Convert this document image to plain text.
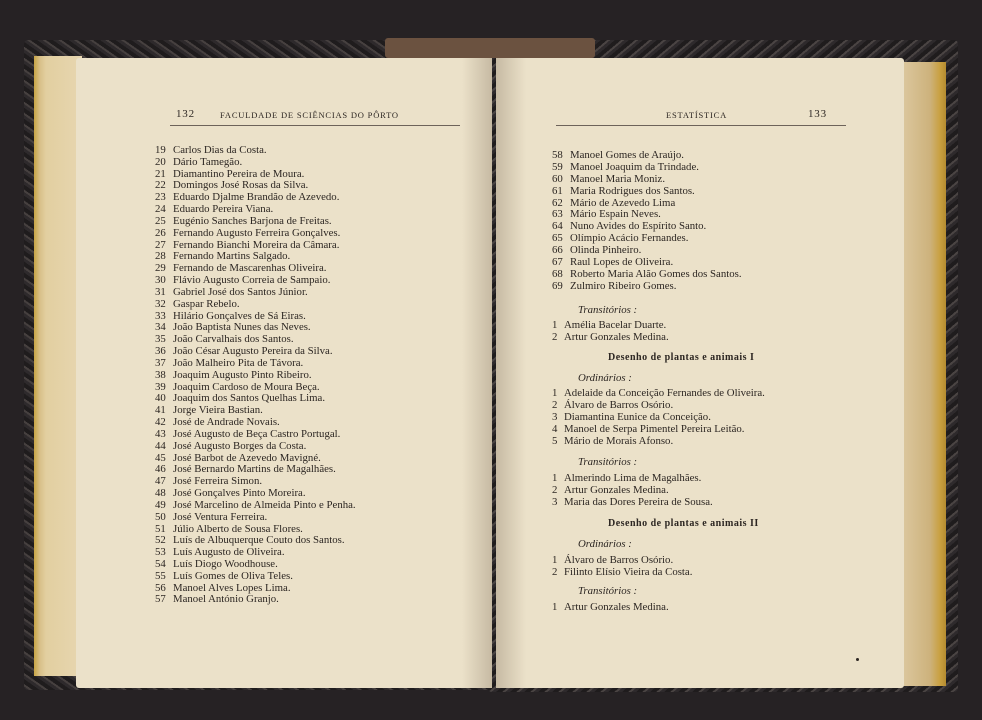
132	FACULDADE DE SCIÊNCIAS DO PÔRTO
19 Carlos Dias da Costa.
20 Dário Tamegão.
21 Diamantino Pereira de Moura.
22 Domingos José Rosas da Silva.
23 Eduardo Djalme Brandão de Azevedo.
24 Eduardo Pereira Viana.
25 Eugénio Sanches Barjona de Freitas.
26 Fernando Augusto Ferreira Gonçalves.
27 Fernando Bianchi Moreira da Câmara.
28 Fernando Martins Salgado.
29 Fernando de Mascarenhas Oliveira.
30 Flávio Augusto Correia de Sampaio.
31 Gabriel José dos Santos Júnior.
32 Gaspar Rebelo.
33 Hilário Gonçalves de Sá Eiras.
34 João Baptista Nunes das Neves.
35 João Carvalhais dos Santos.
36 João César Augusto Pereira da Silva.
37 João Malheiro Pita de Távora.
38 Joaquim Augusto Pinto Ribeiro.
39 Joaquim Cardoso de Moura Beça.
40 Joaquim dos Santos Quelhas Lima.
41 Jorge Vieira Bastian.
42 José de Andrade Novais.
43 José Augusto de Beça Castro Portugal.
44 José Augusto Borges da Costa.
45 José Barbot de Azevedo Mavigné.
46 José Bernardo Martins de Magalhães.
47 José Ferreira Simon.
48 José Gonçalves Pinto Moreira.
49 José Marcelino de Almeida Pinto e Penha.
50 José Ventura Ferreira.
51 Júlio Alberto de Sousa Flores.
52 Luís de Albuquerque Couto dos Santos.
53 Luís Augusto de Oliveira.
54 Luís Diogo Woodhouse.
55 Luís Gomes de Oliva Teles.
56 Manoel Alves Lopes Lima.
57 Manoel António Granjo.
ESTATÍSTICA	133
58 Manoel Gomes de Araújo.
59 Manoel Joaquim da Trindade.
60 Manoel Maria Moniz.
61 Maria Rodrigues dos Santos.
62 Mário de Azevedo Lima
63 Mário Espain Neves.
64 Nuno Avides do Espírito Santo.
65 Olímpio Acácio Fernandes.
66 Olinda Pinheiro.
67 Raul Lopes de Oliveira.
68 Roberto Maria Alão Gomes dos Santos.
69 Zulmiro Ribeiro Gomes.
Transitórios :
1 Amélia Bacelar Duarte.
2 Artur Gonzales Medina.
Desenho de plantas e animais I
Ordinários :
1 Adelaide da Conceição Fernandes de Oliveira.
2 Álvaro de Barros Osório.
3 Diamantina Eunice da Conceição.
4 Manoel de Serpa Pimentel Pereira Leitão.
5 Mário de Morais Afonso.
Transitórios :
1 Almerindo Lima de Magalhães.
2 Artur Gonzales Medina.
3 Maria das Dores Pereira de Sousa.
Desenho de plantas e animais II
Ordinários :
1 Álvaro de Barros Osório.
2 Filinto Elísio Vieira da Costa.
Transitórios :
1 Artur Gonzales Medina.
